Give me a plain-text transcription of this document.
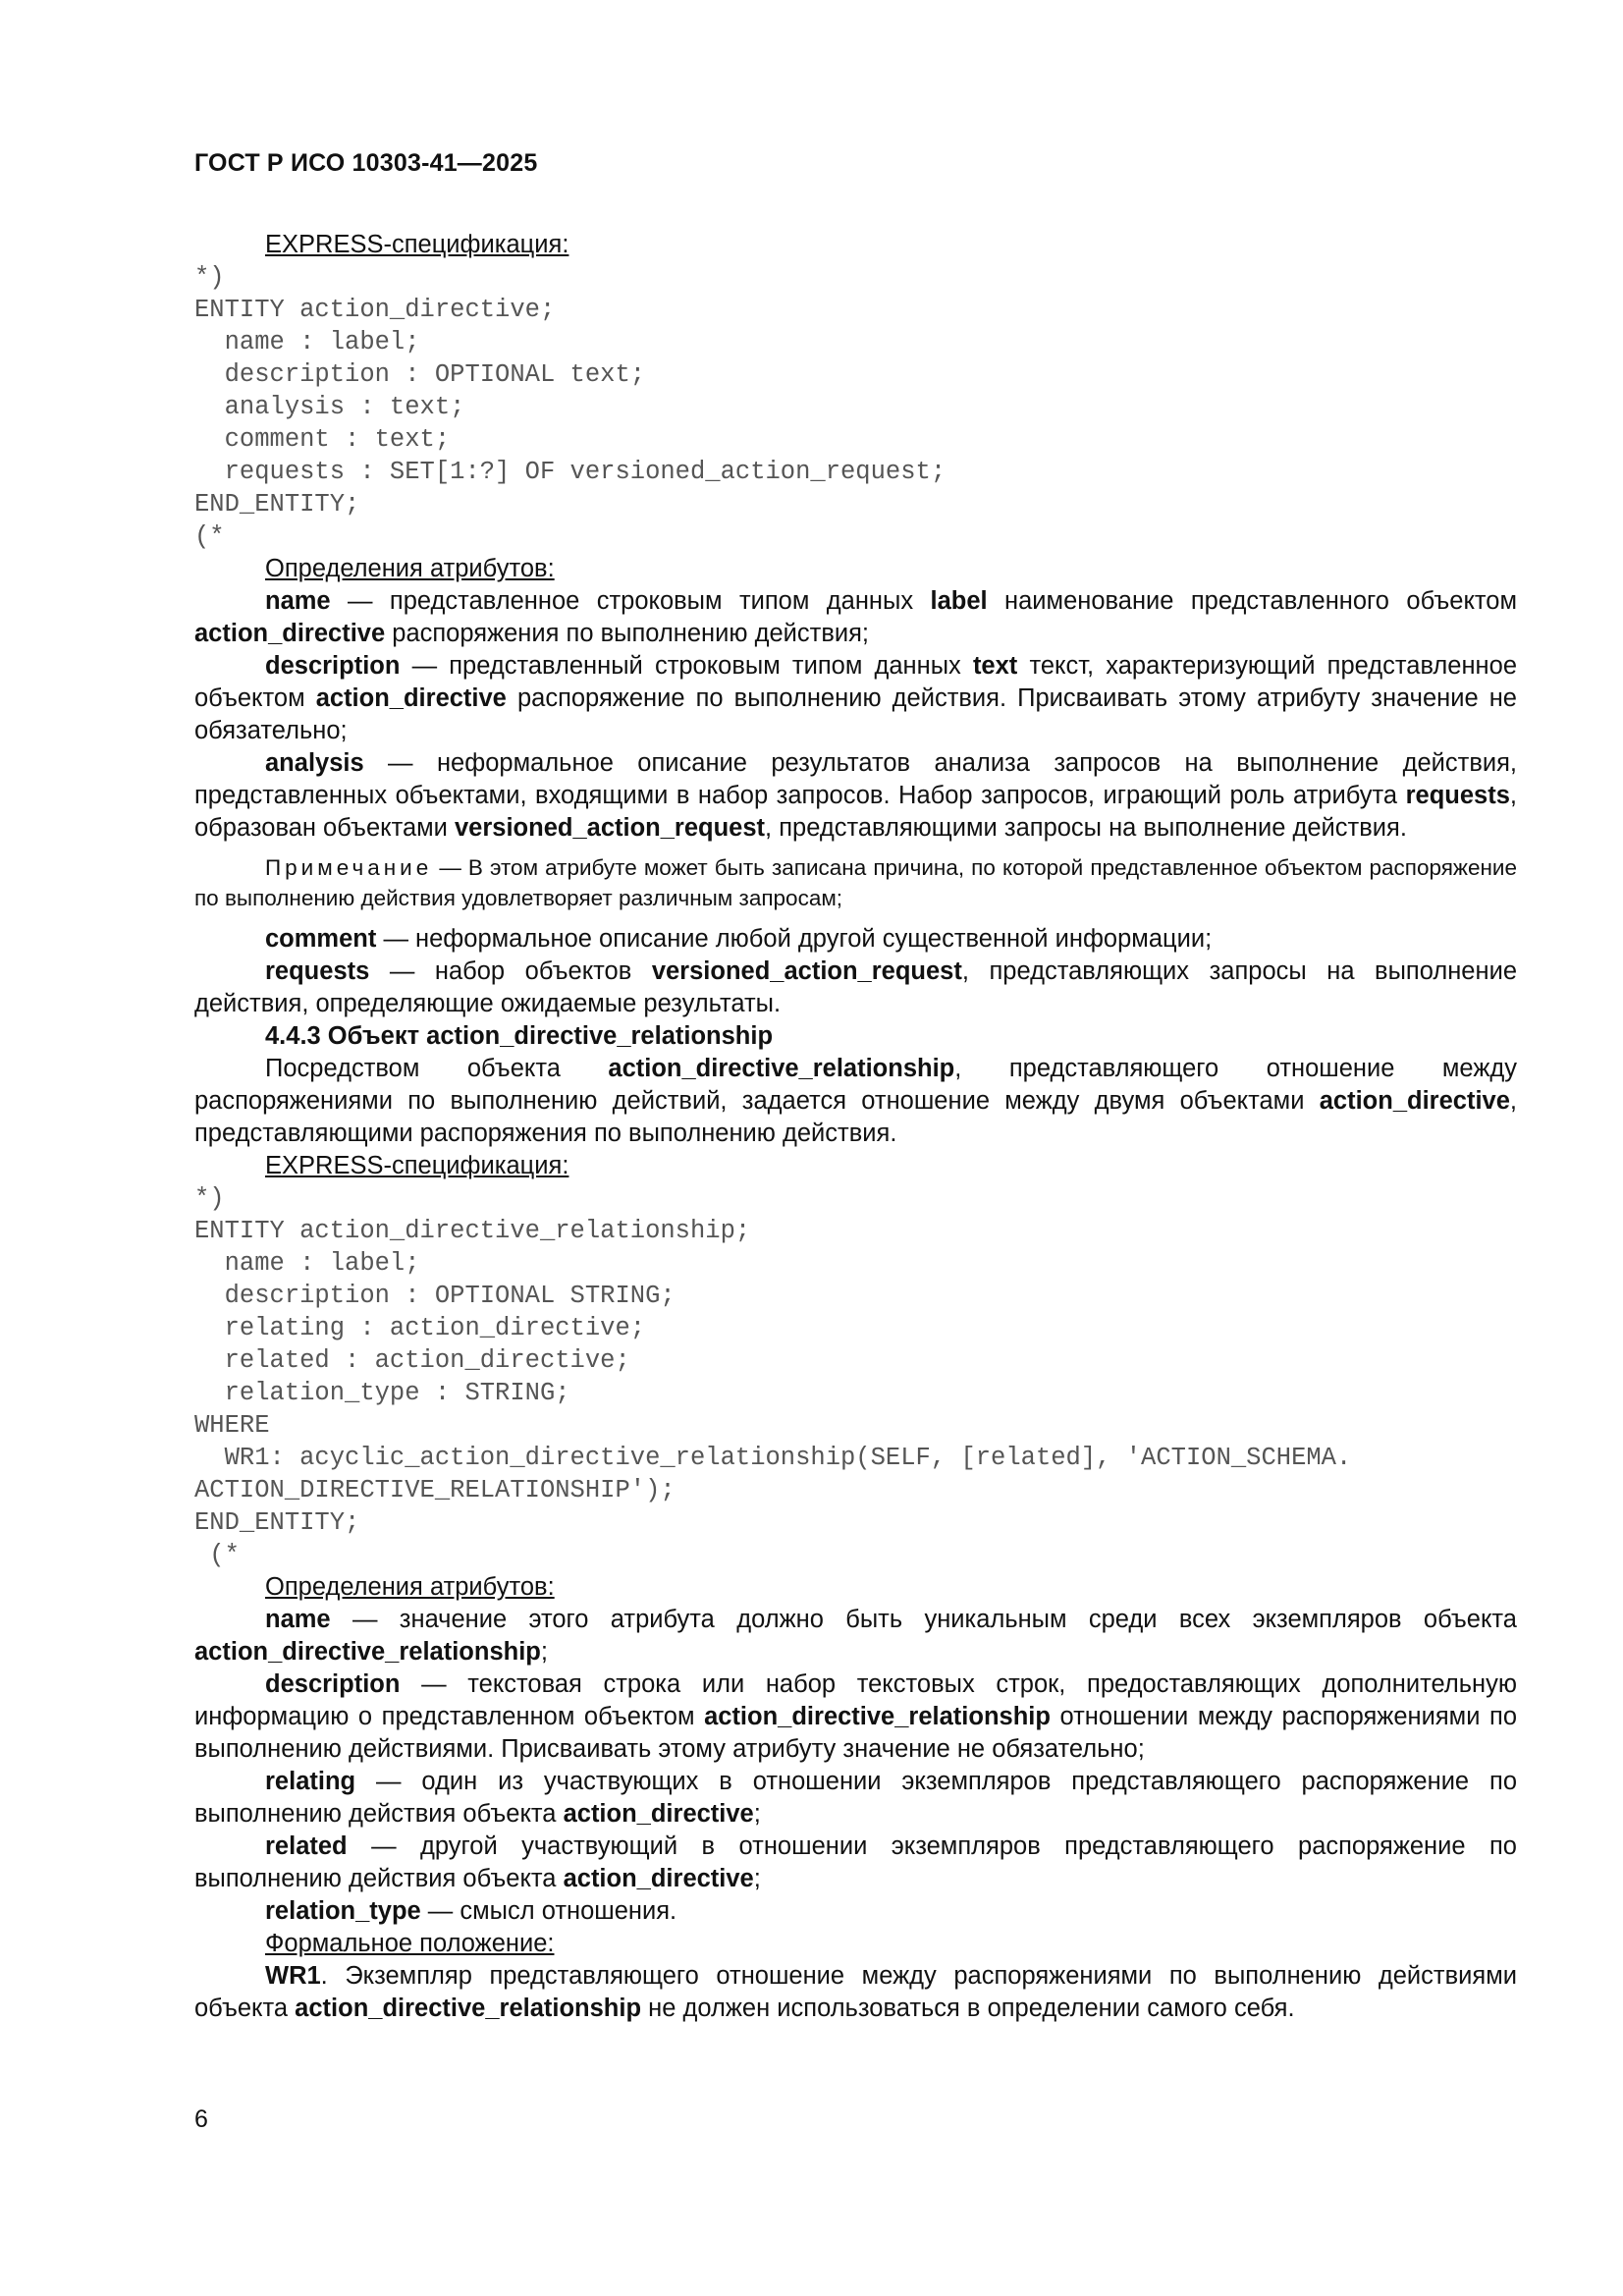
ГОСТ Р ИСО 10303-41—2025

EXPRESS-спецификация:

*)
ENTITY action_directive;
name : label;
description : OPTIONAL text;
analysis : text;
comment : text;
requests : SET[1:?] OF versioned_action_request;
END_ENTITY;
(*

Определения атрибутов:

name — представленное строковым типом данных label наименование представленного объектом action_directive распоряжения по выполнению действия;

description — представленный строковым типом данных text текст, характеризующий представленное объектом action_directive распоряжение по выполнению действия. Присваивать этому атрибуту значение не обязательно;

analysis — неформальное описание результатов анализа запросов на выполнение действия, представленных объектами, входящими в набор запросов. Набор запросов, играющий роль атрибута requests, образован объектами versioned_action_request, представляющими запросы на выполнение действия.

Примечание — В этом атрибуте может быть записана причина, по которой представленное объектом распоряжение по выполнению действия удовлетворяет различным запросам;

comment — неформальное описание любой другой существенной информации;

requests — набор объектов versioned_action_request, представляющих запросы на выполнение действия, определяющие ожидаемые результаты.

4.4.3 Объект action_directive_relationship

Посредством объекта action_directive_relationship, представляющего отношение между распоряжениями по выполнению действий, задается отношение между двумя объектами action_directive, представляющими распоряжения по выполнению действия.

EXPRESS-спецификация:

*)
ENTITY action_directive_relationship;
name : label;
description : OPTIONAL STRING;
relating : action_directive;
related : action_directive;
relation_type : STRING;
WHERE
WR1: acyclic_action_directive_relationship(SELF, [related], 'ACTION_SCHEMA.
ACTION_DIRECTIVE_RELATIONSHIP');
END_ENTITY;
(*

Определения атрибутов:

name — значение этого атрибута должно быть уникальным среди всех экземпляров объекта action_directive_relationship;

description — текстовая строка или набор текстовых строк, предоставляющих дополнительную информацию о представленном объектом action_directive_relationship отношении между распоряжениями по выполнению действиями. Присваивать этому атрибуту значение не обязательно;

relating — один из участвующих в отношении экземпляров представляющего распоряжение по выполнению действия объекта action_directive;

related — другой участвующий в отношении экземпляров представляющего распоряжение по выполнению действия объекта action_directive;

relation_type — смысл отношения.

Формальное положение:

WR1. Экземпляр представляющего отношение между распоряжениями по выполнению действиями объекта action_directive_relationship не должен использоваться в определении самого себя.

6
